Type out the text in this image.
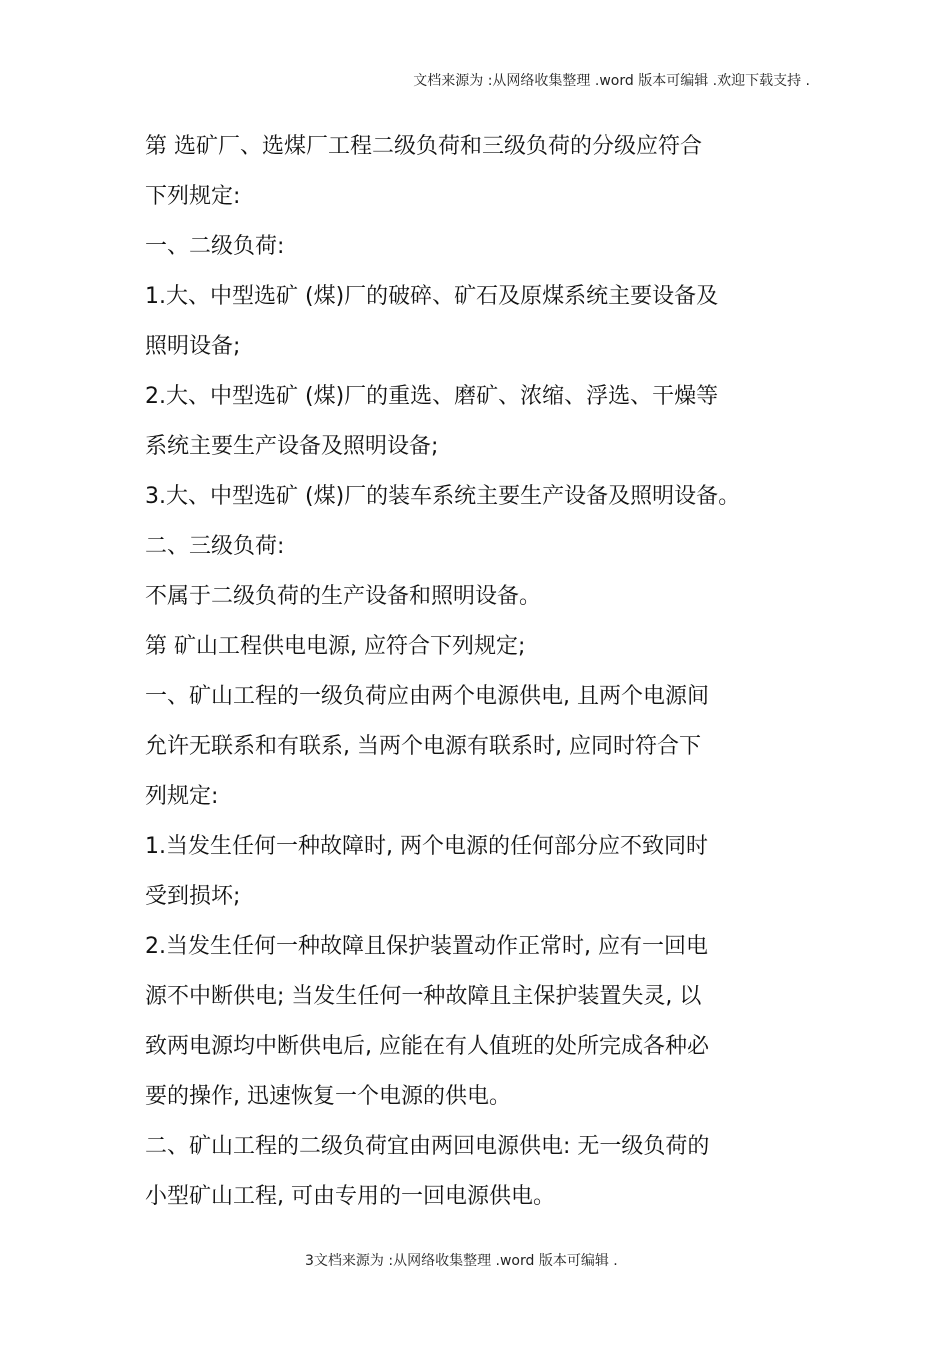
文档来源为 :从网络收集整理 .word 版本可编辑 .欢迎下载支持 .
第 选矿厂、选煤厂工程二级负荷和三级负荷的分级应符合
下列规定:
一、二级负荷:
1.大、中型选矿 (煤)厂的破碎、矿石及原煤系统主要设备及
照明设备;
2.大、中型选矿 (煤)厂的重选、磨矿、浓缩、浮选、干燥等
系统主要生产设备及照明设备;
3.大、中型选矿 (煤)厂的装车系统主要生产设备及照明设备。
二、三级负荷:
不属于二级负荷的生产设备和照明设备。
第 矿山工程供电电源, 应符合下列规定;
一、矿山工程的一级负荷应由两个电源供电, 且两个电源间
允许无联系和有联系, 当两个电源有联系时, 应同时符合下
列规定:
1.当发生任何一种故障时, 两个电源的任何部分应不致同时
受到损坏;
2.当发生任何一种故障且保护装置动作正常时, 应有一回电
源不中断供电; 当发生任何一种故障且主保护装置失灵, 以
致两电源均中断供电后, 应能在有人值班的处所完成各种必
要的操作, 迅速恢复一个电源的供电。
二、矿山工程的二级负荷宜由两回电源供电: 无一级负荷的
小型矿山工程, 可由专用的一回电源供电。
3文档来源为 :从网络收集整理 .word 版本可编辑 .
